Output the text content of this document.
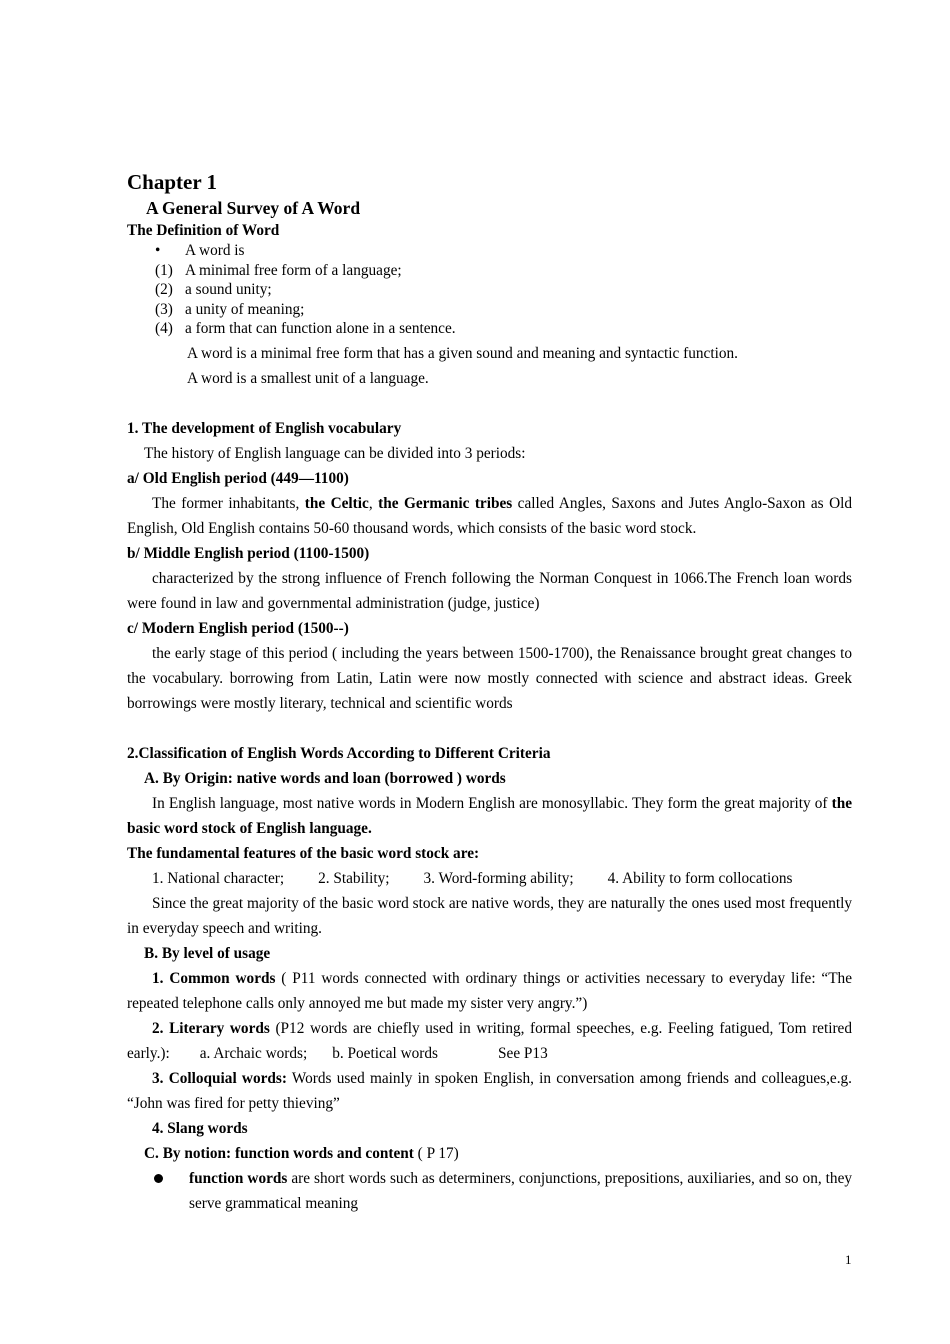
Chapter 1
A General Survey of A Word
The Definition of Word
•	A word is
(1) A minimal free form of a language;
(2) a sound unity;
(3) a unity of meaning;
(4) a form that can function alone in a sentence.
A word is a minimal free form that has a given sound and meaning and syntactic function.
A word is a smallest unit of a language.
1. The development of English vocabulary
The history of English language can be divided into 3 periods:
a/ Old English period (449—1100)

The former inhabitants, the Celtic, the Germanic tribes called Angles, Saxons and Jutes Anglo-Saxon as Old English, Old English contains 50-60 thousand words, which consists of the basic word stock.

b/ Middle English period (1100-1500)

characterized by the strong influence of French following the Norman Conquest in 1066.The French loan words were found in law and governmental administration (judge, justice)

c/ Modern English period (1500--)

the early stage of this period ( including the years between 1500-1700), the Renaissance brought great changes to the vocabulary. borrowing from Latin, Latin were now mostly connected with science and abstract ideas. Greek borrowings were mostly literary, technical and scientific words

2.Classification of English Words According to Different Criteria
A. By Origin: native words and loan (borrowed ) words

In English language, most native words in Modern English are monosyllabic. They form the great majority of the basic word stock of English language.

The fundamental features of the basic word stock are:
1. National character; 2. Stability; 3. Word-forming ability; 4. Ability to form collocations

Since the great majority of the basic word stock are native words, they are naturally the ones used most frequently in everyday speech and writing.

B. By level of usage

1. Common words ( P11 words connected with ordinary things or activities necessary to everyday life: “The repeated telephone calls only annoyed me but made my sister very angry.”)

2. Literary words (P12 words are chiefly used in writing, formal speeches, e.g. Feeling fatigued, Tom retired early.): a. Archaic words; b. Poetical words	See P13

3. Colloquial words: Words used mainly in spoken English, in conversation among friends and colleagues,e.g. “John was fired for petty thieving”

4. Slang words
C. By notion: function words and content ( P 17)
function words are short words such as determiners, conjunctions, prepositions, auxiliaries, and so on, they serve grammatical meaning
1
